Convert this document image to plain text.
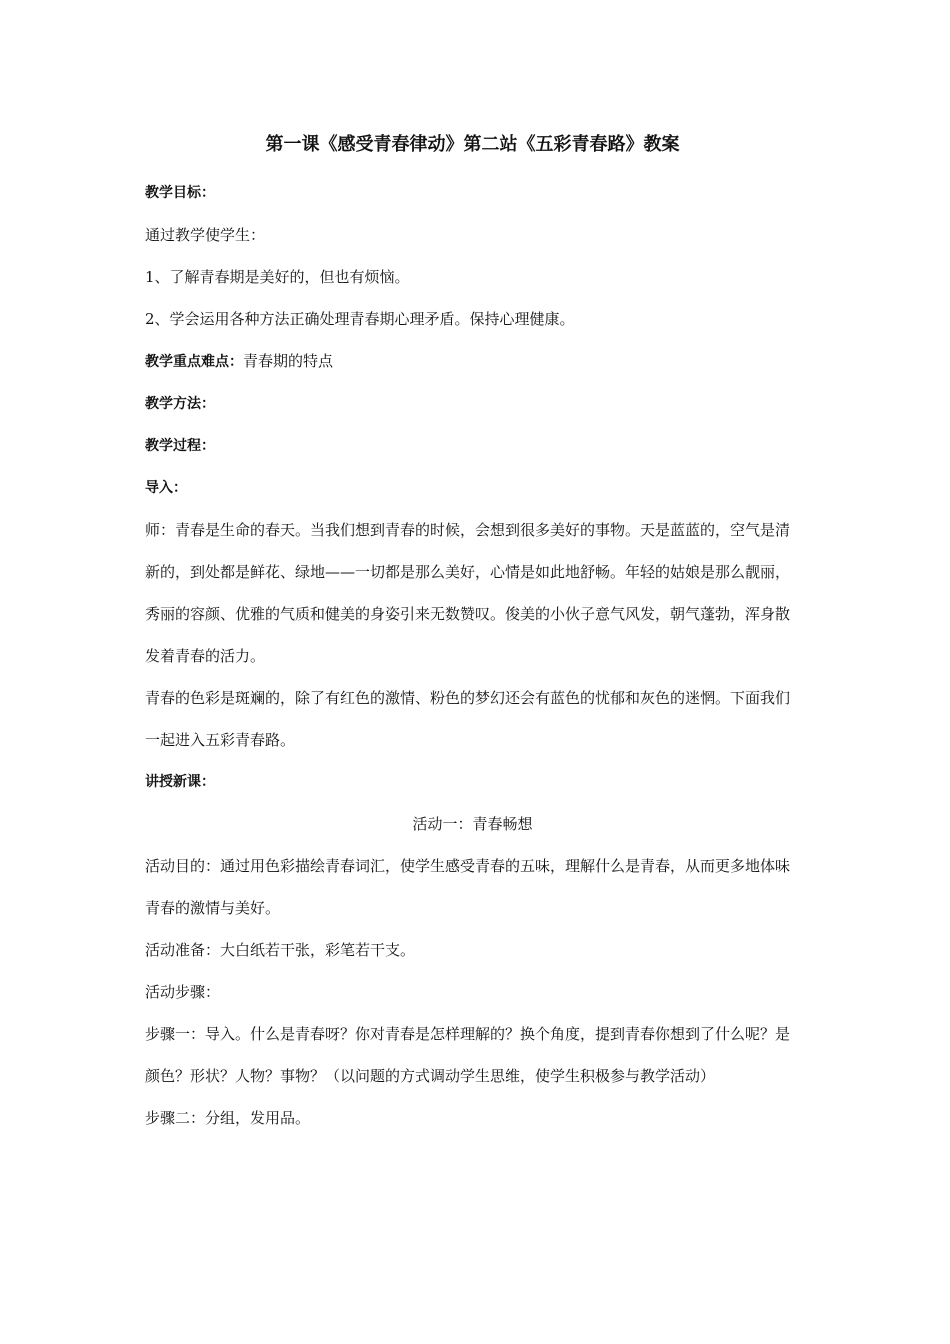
第一课《感受青春律动》第二站《五彩青春路》教案

教学目标：

通过教学使学生：

1、了解青春期是美好的，但也有烦恼。

2、学会运用各种方法正确处理青春期心理矛盾。保持心理健康。

教学重点难点：青春期的特点

教学方法：

教学过程：

导入：

师：青春是生命的春天。当我们想到青春的时候，会想到很多美好的事物。天是蓝蓝的，空气是清新的，到处都是鲜花、绿地——一切都是那么美好，心情是如此地舒畅。年轻的姑娘是那么靓丽，秀丽的容颜、优雅的气质和健美的身姿引来无数赞叹。俊美的小伙子意气风发，朝气蓬勃，浑身散发着青春的活力。

青春的色彩是斑斓的，除了有红色的激情、粉色的梦幻还会有蓝色的忧郁和灰色的迷惘。下面我们一起进入五彩青春路。

讲授新课：

活动一：青春畅想

活动目的：通过用色彩描绘青春词汇，使学生感受青春的五味，理解什么是青春，从而更多地体味青春的激情与美好。

活动准备：大白纸若干张，彩笔若干支。

活动步骤：

步骤一：导入。什么是青春呀？你对青春是怎样理解的？换个角度，提到青春你想到了什么呢？是颜色？形状？人物？事物？（以问题的方式调动学生思维，使学生积极参与教学活动）

步骤二：分组，发用品。
